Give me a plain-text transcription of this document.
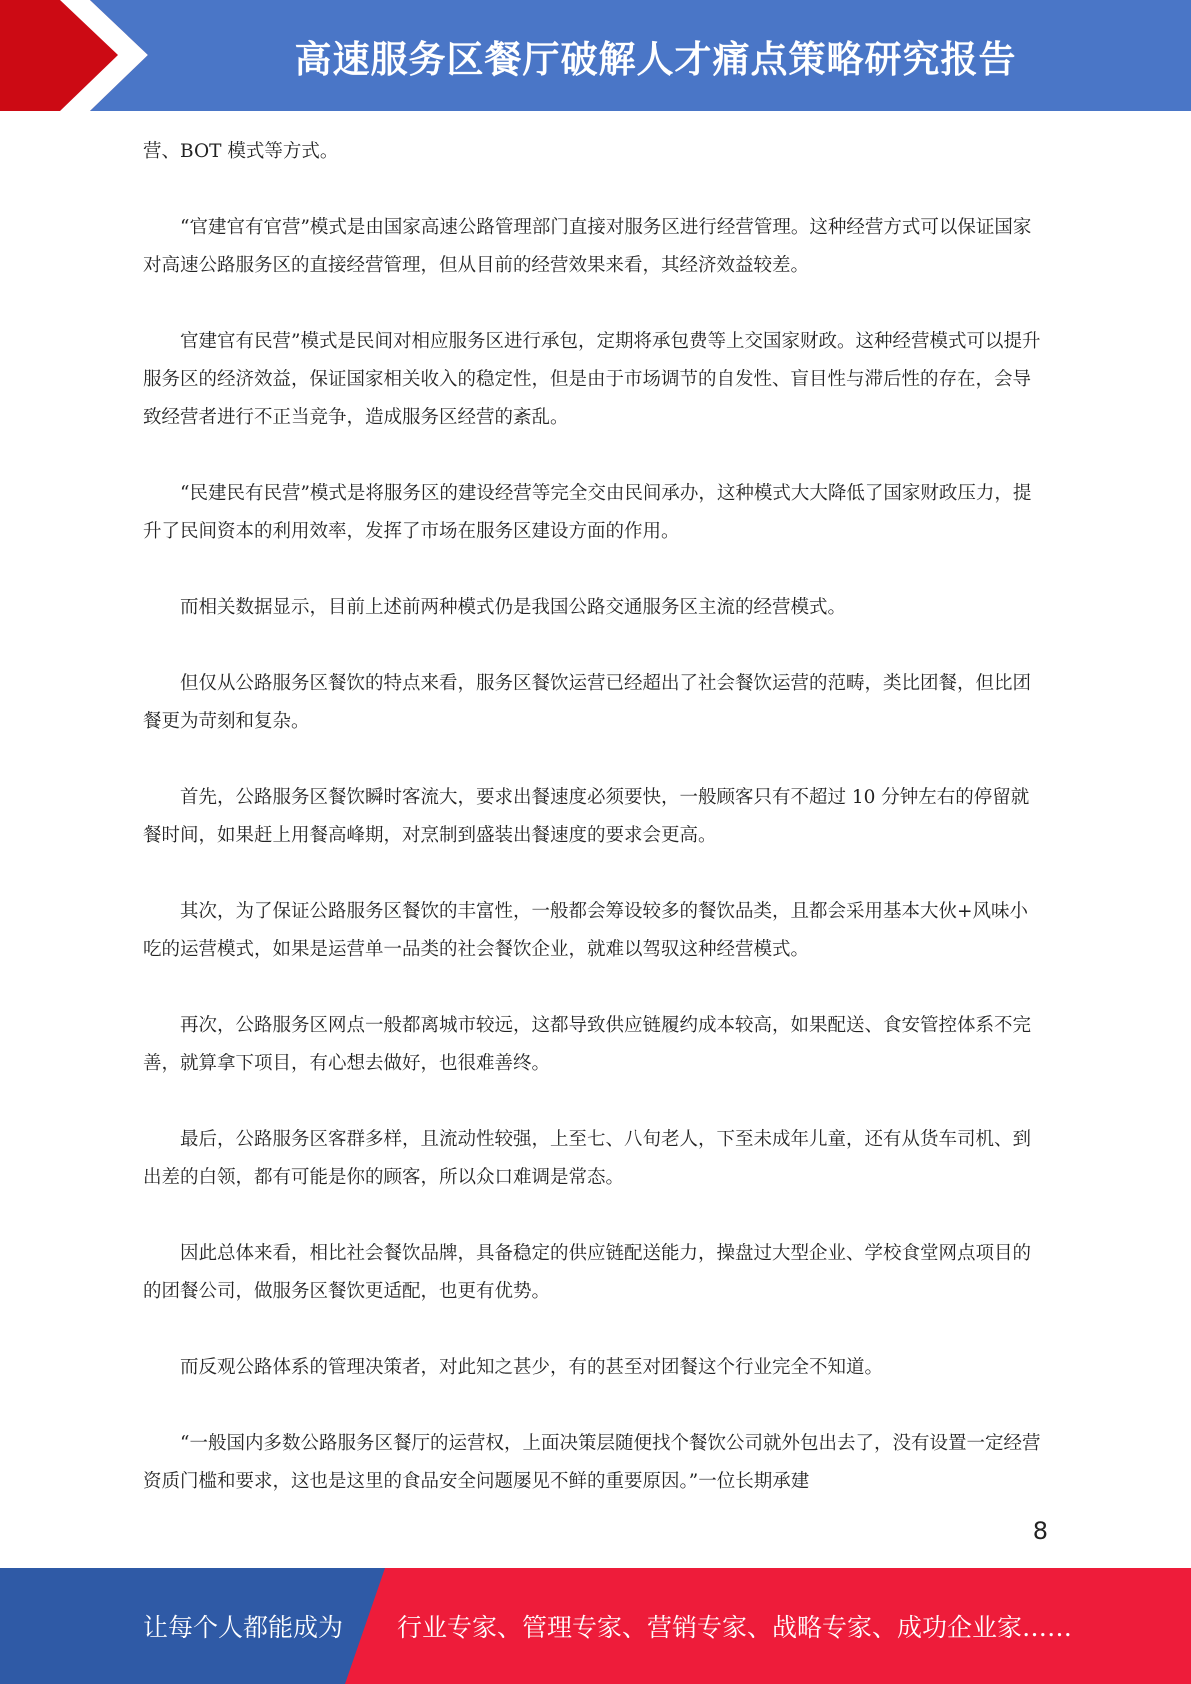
高速服务区餐厅破解人才痛点策略研究报告

营、BOT 模式等方式。

“官建官有官营”模式是由国家高速公路管理部门直接对服务区进行经营管理。这种经营方式可以保证国家对高速公路服务区的直接经营管理，但从目前的经营效果来看，其经济效益较差。

官建官有民营”模式是民间对相应服务区进行承包，定期将承包费等上交国家财政。这种经营模式可以提升服务区的经济效益，保证国家相关收入的稳定性，但是由于市场调节的自发性、盲目性与滞后性的存在，会导致经营者进行不正当竞争，造成服务区经营的紊乱。

“民建民有民营”模式是将服务区的建设经营等完全交由民间承办，这种模式大大降低了国家财政压力，提升了民间资本的利用效率，发挥了市场在服务区建设方面的作用。

而相关数据显示，目前上述前两种模式仍是我国公路交通服务区主流的经营模式。

但仅从公路服务区餐饮的特点来看，服务区餐饮运营已经超出了社会餐饮运营的范畴，类比团餐，但比团餐更为苛刻和复杂。

首先，公路服务区餐饮瞬时客流大，要求出餐速度必须要快，一般顾客只有不超过 10 分钟左右的停留就餐时间，如果赶上用餐高峰期，对烹制到盛装出餐速度的要求会更高。

其次，为了保证公路服务区餐饮的丰富性，一般都会筹设较多的餐饮品类，且都会采用基本大伙+风味小吃的运营模式，如果是运营单一品类的社会餐饮企业，就难以驾驭这种经营模式。

再次，公路服务区网点一般都离城市较远，这都导致供应链履约成本较高，如果配送、食安管控体系不完善，就算拿下项目，有心想去做好，也很难善终。

最后，公路服务区客群多样，且流动性较强，上至七、八旬老人，下至未成年儿童，还有从货车司机、到出差的白领，都有可能是你的顾客，所以众口难调是常态。

因此总体来看，相比社会餐饮品牌，具备稳定的供应链配送能力，操盘过大型企业、学校食堂网点项目的的团餐公司，做服务区餐饮更适配，也更有优势。

而反观公路体系的管理决策者，对此知之甚少，有的甚至对团餐这个行业完全不知道。

“一般国内多数公路服务区餐厅的运营权，上面决策层随便找个餐饮公司就外包出去了，没有设置一定经营资质门槛和要求，这也是这里的食品安全问题屡见不鲜的重要原因。”一位长期承建

8
让每个人都能成为 行业专家、管理专家、营销专家、战略专家、成功企业家……
